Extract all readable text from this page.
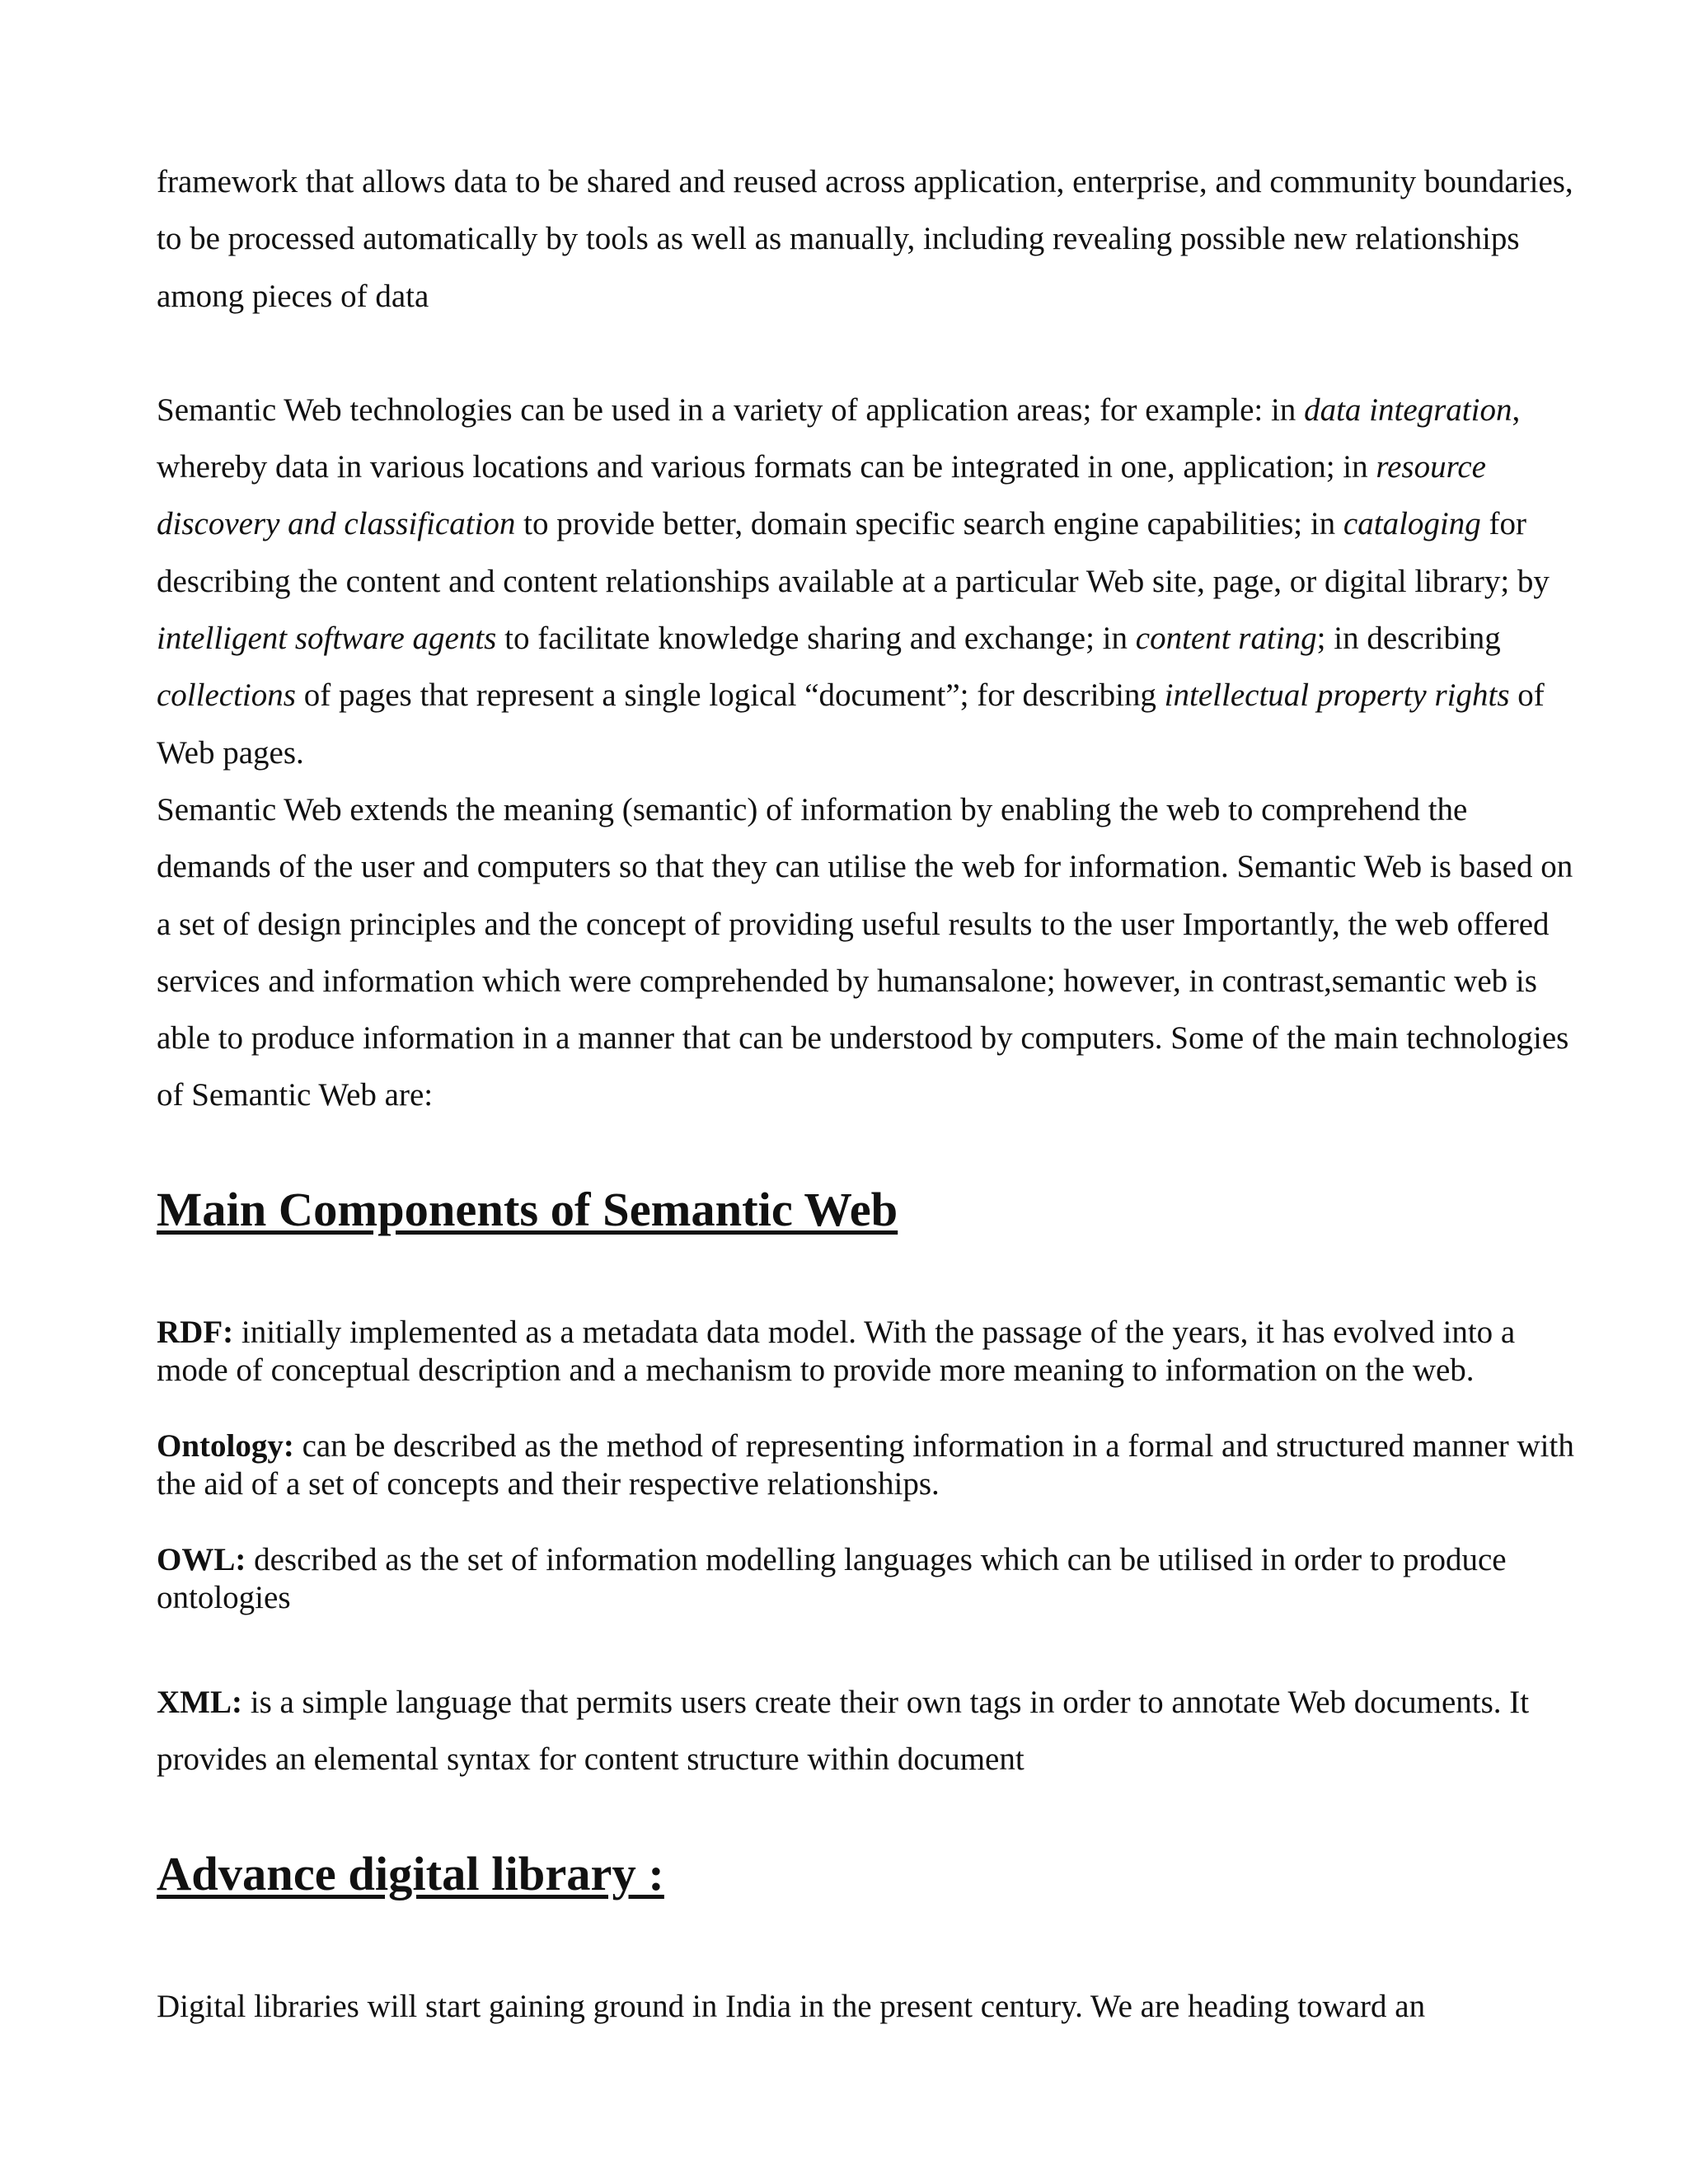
framework that allows data to be shared and reused across application, enterprise, and community boundaries, to be processed automatically by tools as well as manually, including revealing possible new relationships among pieces of data

Semantic Web technologies can be used in a variety of application areas; for example: in data integration, whereby data in various locations and various formats can be integrated in one, application; in resource discovery and classification to provide better, domain specific search engine capabilities; in cataloging for describing the content and content relationships available at a particular Web site, page, or digital library; by intelligent software agents to facilitate knowledge sharing and exchange; in content rating; in describing collections of pages that represent a single logical “document”; for describing intellectual property rights of Web pages.

Semantic Web extends the meaning (semantic) of information by enabling the web to comprehend the demands of the user and computers so that they can utilise the web for information. Semantic Web is based on a set of design principles and the concept of providing useful results to the user Importantly, the web offered services and information which were comprehended by humansalone; however, in contrast,semantic web is able to produce information in a manner that can be understood by computers. Some of the main technologies of Semantic Web are:

Main Components of Semantic Web

RDF: initially implemented as a metadata data model. With the passage of the years, it has evolved into a mode of conceptual description and a mechanism to provide more meaning to information on the web.

Ontology: can be described as the method of representing information in a formal and structured manner with the aid of a set of concepts and their respective relationships.

OWL: described as the set of information modelling languages which can be utilised in order to produce ontologies

XML: is a simple language that permits users create their own tags in order to annotate Web documents. It provides an elemental syntax for content structure within document

Advance digital library :

Digital libraries will start gaining ground in India in the present century. We are heading toward an
